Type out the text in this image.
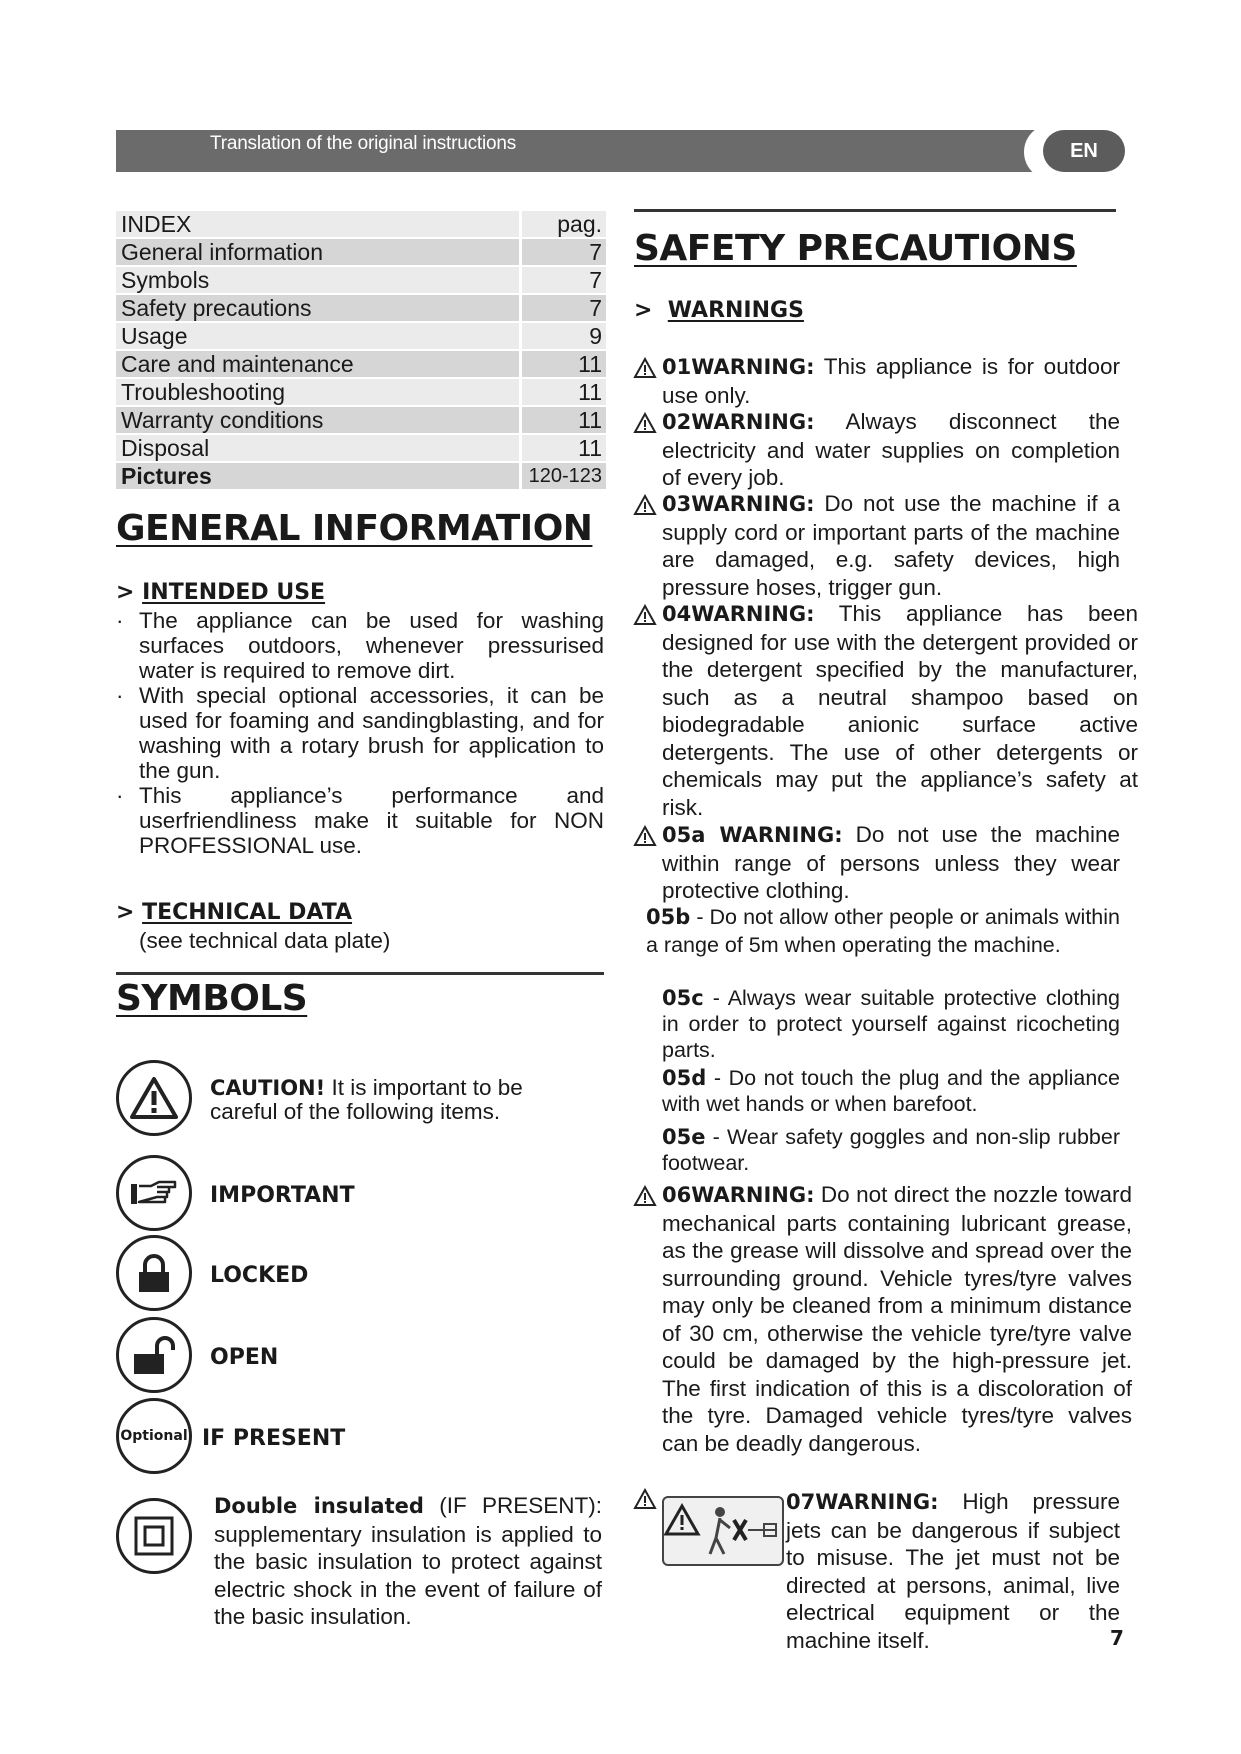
Translation of the original instructions	EN
INDEX	pag.
General information	7
Symbols	7
Safety precautions	7
Usage	9
Care and maintenance	11
Troubleshooting	11
Warranty conditions	11
Disposal	11
Pictures	120-123
GENERAL INFORMATION
> INTENDED USE
· The appliance can be used for washing surfaces outdoors, whenever pressurised water is required to remove dirt.
· With special optional accessories, it can be used for foaming and sandingblasting, and for washing with a rotary brush for application to the gun.
· This appliance’s performance and userfriendliness make it suitable for NON PROFESSIONAL use.
> TECHNICAL DATA
(see technical data plate)
SYMBOLS
CAUTION! It is important to be careful of the following items.
IMPORTANT
LOCKED
OPEN
Optional IF PRESENT
Double insulated (IF PRESENT): supplementary insulation is applied to the basic insulation to protect against electric shock in the event of failure of the basic insulation.
SAFETY PRECAUTIONS
>  WARNINGS
01WARNING: This appliance is for outdoor use only.
02WARNING: Always disconnect the electricity and water supplies on completion of every job.
03WARNING: Do not use the machine if a supply cord or important parts of the machine are damaged, e.g. safety devices, high pressure hoses, trigger gun.
04WARNING: This appliance has been designed for use with the detergent provided or the detergent specified by the manufacturer, such as a neutral shampoo based on biodegradable anionic surface active detergents. The use of other detergents or chemicals may put the appliance’s safety at risk.
05a WARNING: Do not use the machine within range of persons unless they wear protective clothing.
05b - Do not allow other people or animals within a range of 5m when operating the machine.
05c - Always wear suitable protective clothing in order to protect yourself against ricocheting parts.
05d - Do not touch the plug and the appliance with wet hands or when barefoot.
05e - Wear safety goggles and non-slip rubber footwear.
06WARNING: Do not direct the nozzle toward mechanical parts containing lubricant grease, as the grease will dissolve and spread over the surrounding ground. Vehicle tyres/tyre valves may only be cleaned from a minimum distance of 30 cm, otherwise the vehicle tyre/tyre valve could be damaged by the high-pressure jet. The first indication of this is a discoloration of the tyre. Damaged vehicle tyres/tyre valves can be deadly dangerous.
07WARNING: High pressure jets can be dangerous if subject to misuse. The jet must not be directed at persons, animal, live electrical equipment or the machine itself.	7
